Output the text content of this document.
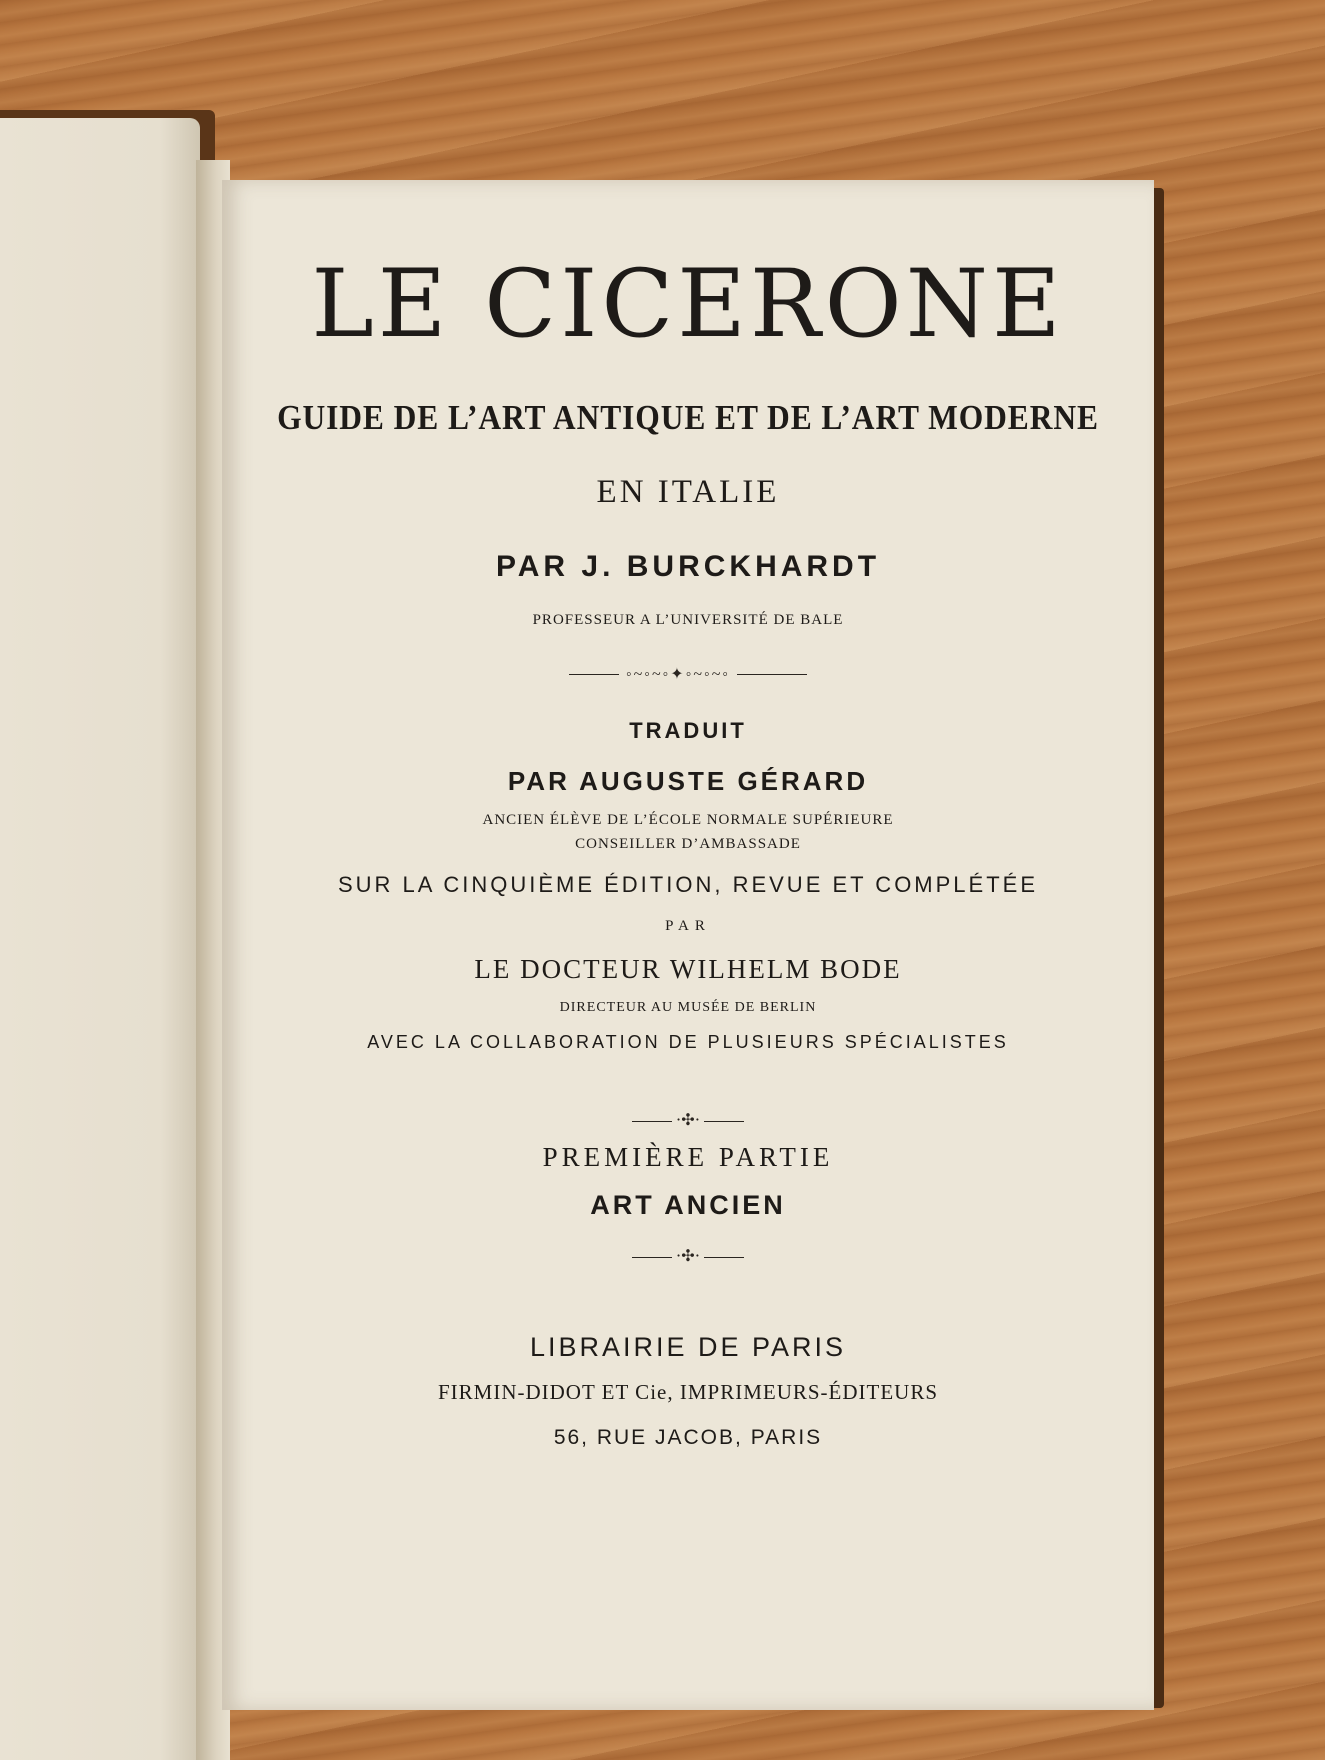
LE CICERONE
GUIDE DE L’ART ANTIQUE ET DE L’ART MODERNE
EN ITALIE
PAR J. BURCKHARDT
PROFESSEUR A L’UNIVERSITÉ DE BALE
◦~◦~◦✦◦~◦~◦
TRADUIT
PAR AUGUSTE GÉRARD
ANCIEN ÉLÈVE DE L’ÉCOLE NORMALE SUPÉRIEURE
CONSEILLER D’AMBASSADE
SUR LA CINQUIÈME ÉDITION, REVUE ET COMPLÉTÉE
PAR
LE DOCTEUR WILHELM BODE
DIRECTEUR AU MUSÉE DE BERLIN
AVEC LA COLLABORATION DE PLUSIEURS SPÉCIALISTES
⋅✣⋅
PREMIÈRE PARTIE
ART ANCIEN
⋅✣⋅
LIBRAIRIE DE PARIS
FIRMIN-DIDOT ET Cie, IMPRIMEURS-ÉDITEURS
56, RUE JACOB, PARIS
